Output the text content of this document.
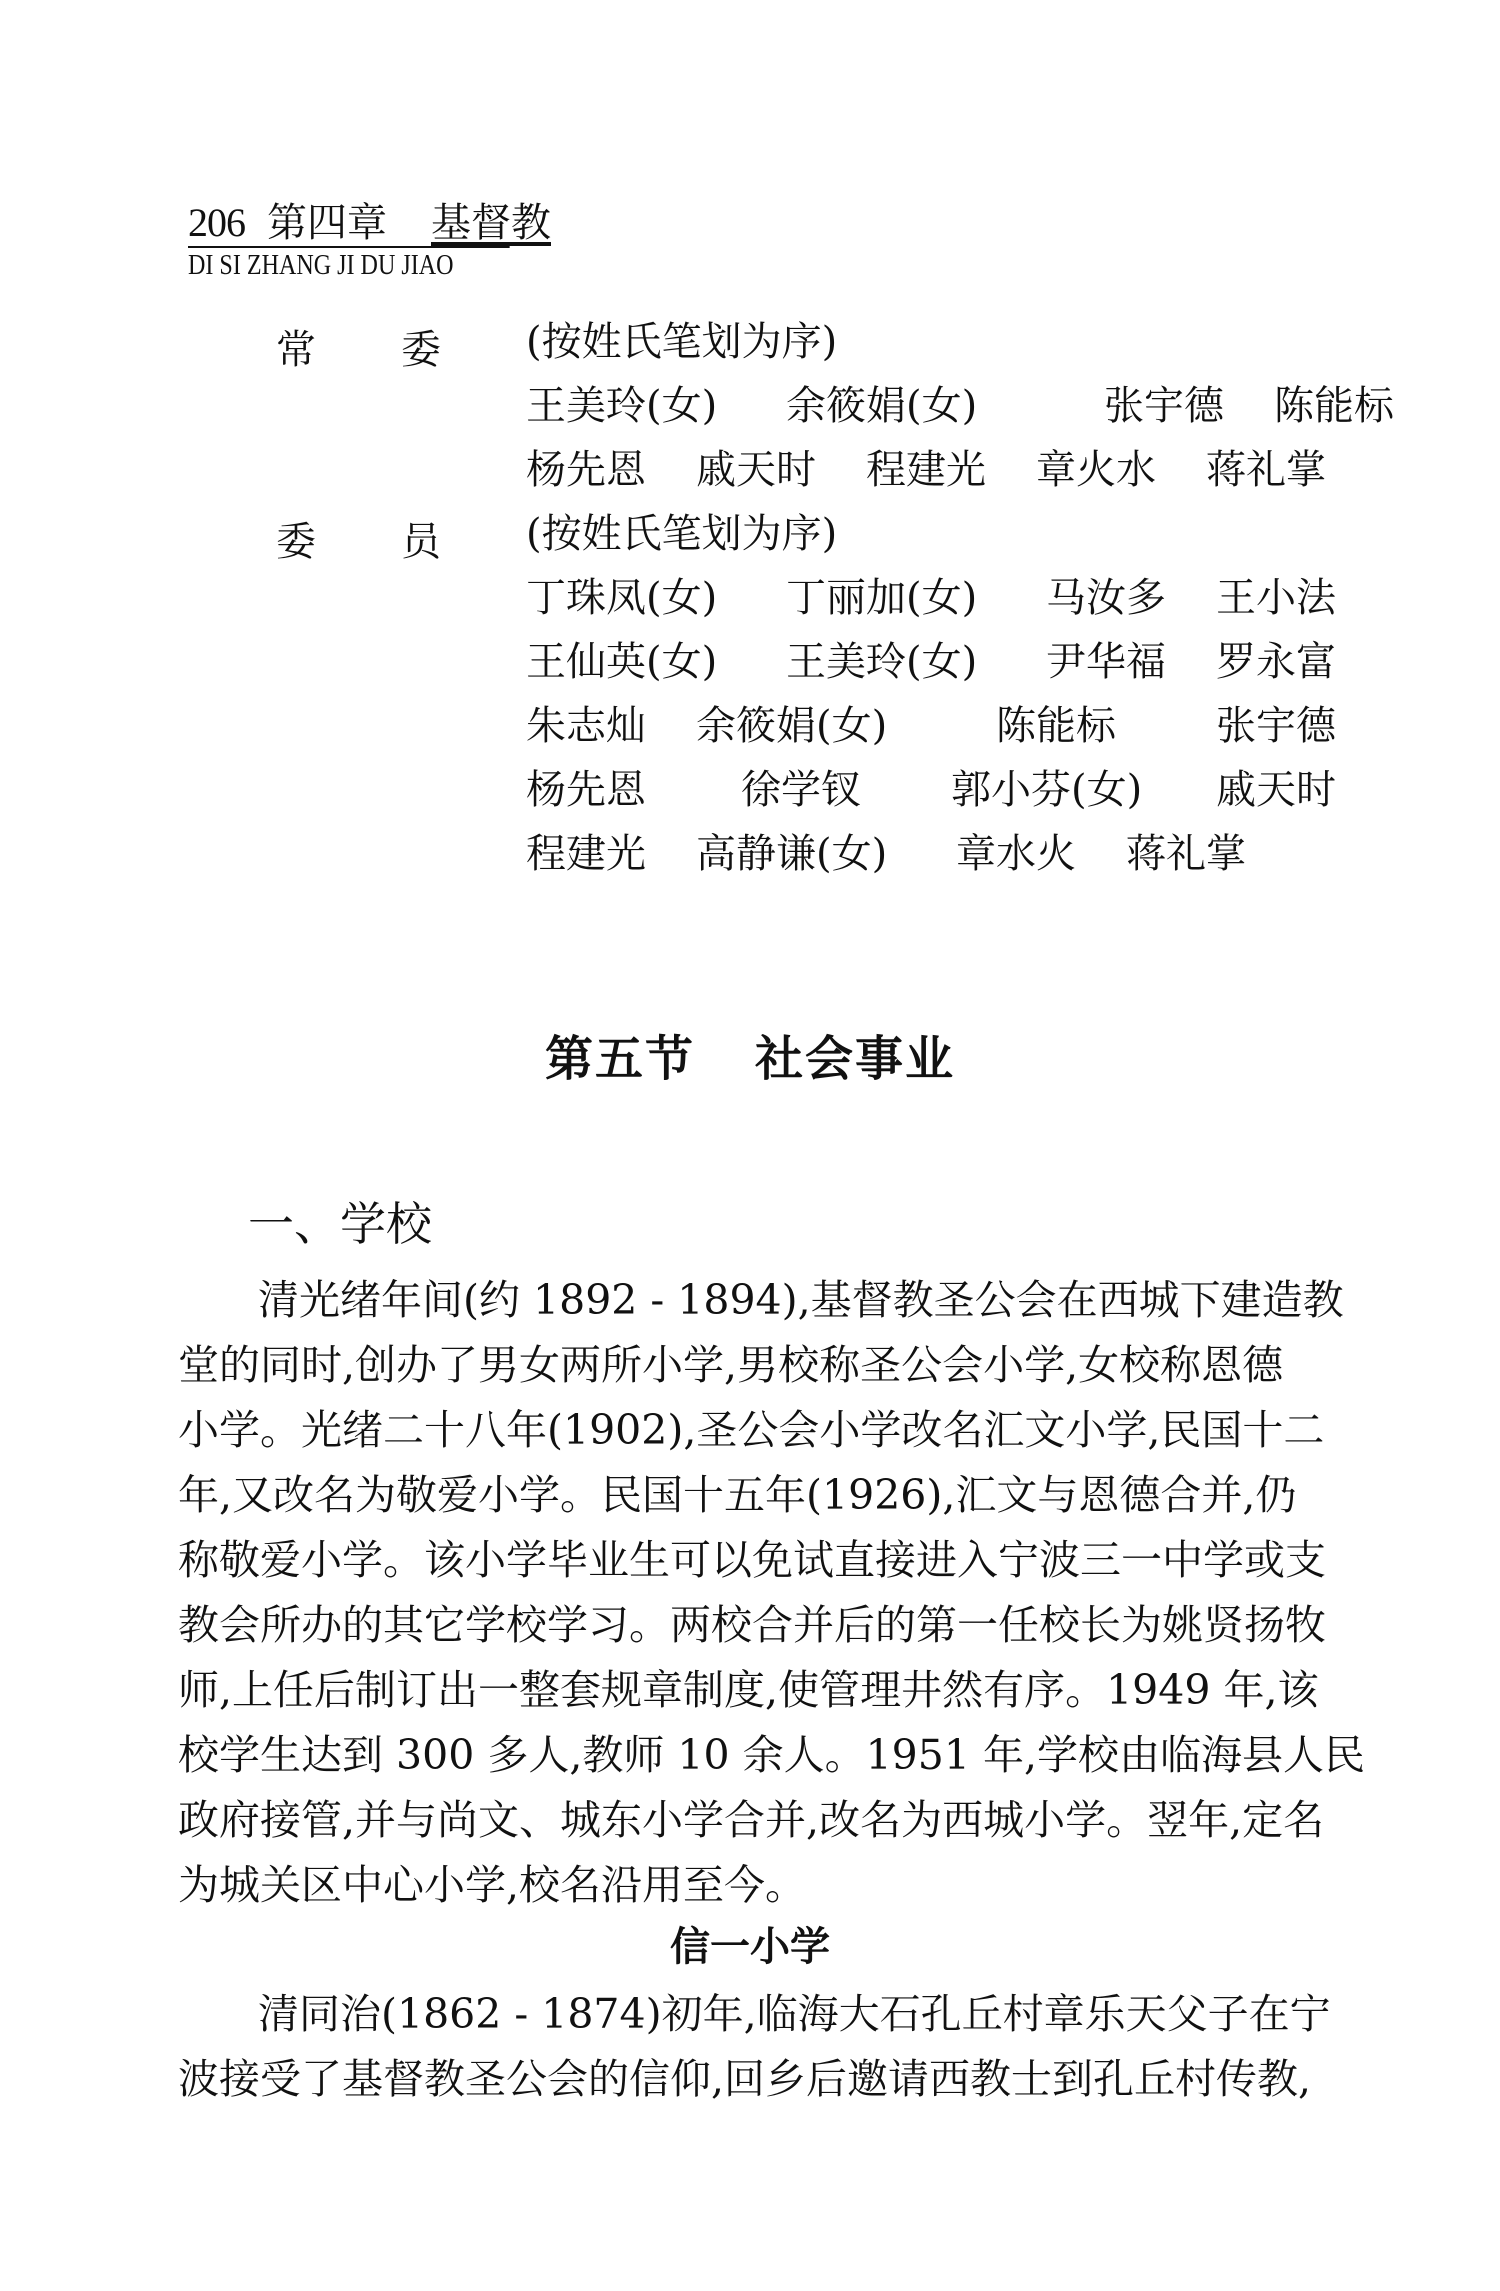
206 第四章 基督教
DI SI ZHANG JI DU JIAO
常 委	(按姓氏笔划为序)
王美玲(女) 余筱娟(女)	张宇德 陈能标
杨先恩 戚天时 程建光 章火水 蒋礼掌
委 员	(按姓氏笔划为序)
丁珠凤(女) 丁丽加(女) 马汝多 王小法
王仙英(女) 王美玲(女) 尹华福 罗永富
朱志灿 余筱娟(女)	陈能标	张宇德
杨先恩 徐学钗 郭小芬(女) 戚天时
程建光 高静谦(女) 章水火 蒋礼掌
第五节 社会事业
一、学校
清光绪年间(约 1892 - 1894),基督教圣公会在西城下建造教
堂的同时,创办了男女两所小学,男校称圣公会小学,女校称恩德
小学。光绪二十八年(1902),圣公会小学改名汇文小学,民国十二
年,又改名为敬爱小学。民国十五年(1926),汇文与恩德合并,仍
称敬爱小学。该小学毕业生可以免试直接进入宁波三一中学或支
教会所办的其它学校学习。两校合并后的第一任校长为姚贤扬牧
师,上任后制订出一整套规章制度,使管理井然有序。1949 年,该
校学生达到 300 多人,教师 10 余人。1951 年,学校由临海县人民
政府接管,并与尚文、城东小学合并,改名为西城小学。翌年,定名
为城关区中心小学,校名沿用至今。
信一小学
清同治(1862 - 1874)初年,临海大石孔丘村章乐天父子在宁
波接受了基督教圣公会的信仰,回乡后邀请西教士到孔丘村传教,
